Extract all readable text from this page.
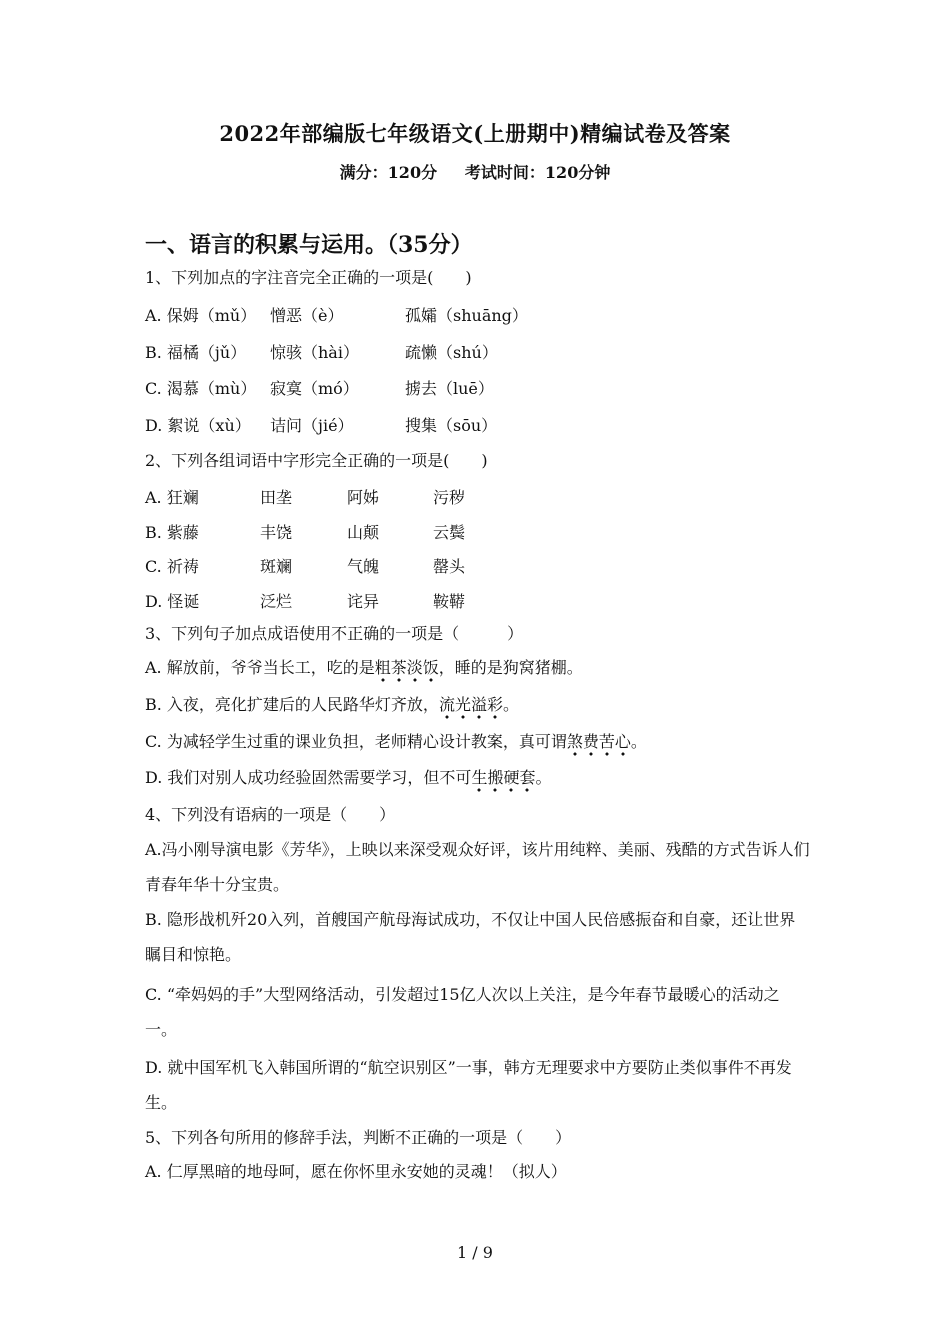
2022年部编版七年级语文(上册期中)精编试卷及答案
满分：120分     考试时间：120分钟
一、语言的积累与运用。（35分）
1、下列加点的字注音完全正确的一项是(　　)
A. 保姆（mǔ） 憎恶（è）	孤孀（shuāng）
B. 福橘（jǔ） 惊骇（hài）	疏懒（shú）
C. 渴慕（mù） 寂寞（mó）	掳去（luē）
D. 絮说（xù） 诘问（jié）	搜集（sōu）
2、下列各组词语中字形完全正确的一项是(　　)
A. 狂斓	田垄	阿姊	污秽
B. 紫藤	丰饶	山颠	云鬓
C. 祈祷	斑斓	气魄	罄头
D. 怪诞	泛烂	诧异	鞍鞯
3、下列句子加点成语使用不正确的一项是（　　　）
A. 解放前，爷爷当长工，吃的是粗茶淡饭，睡的是狗窝猪棚。
B. 入夜，亮化扩建后的人民路华灯齐放，流光溢彩。
C. 为减轻学生过重的课业负担，老师精心设计教案，真可谓煞费苦心。
D. 我们对别人成功经验固然需要学习，但不可生搬硬套。
4、下列没有语病的一项是（　　）
A.冯小刚导演电影《芳华》，上映以来深受观众好评，该片用纯粹、美丽、残酷的方式告诉人们青春年华十分宝贵。
B. 隐形战机歼20入列，首艘国产航母海试成功，不仅让中国人民倍感振奋和自豪，还让世界瞩目和惊艳。
C. “牵妈妈的手”大型网络活动，引发超过15亿人次以上关注，是今年春节最暖心的活动之一。
D. 就中国军机飞入韩国所谓的“航空识别区”一事，韩方无理要求中方要防止类似事件不再发生。
5、下列各句所用的修辞手法，判断不正确的一项是（　　）
A. 仁厚黑暗的地母呵，愿在你怀里永安她的灵魂！（拟人）
1 / 9
